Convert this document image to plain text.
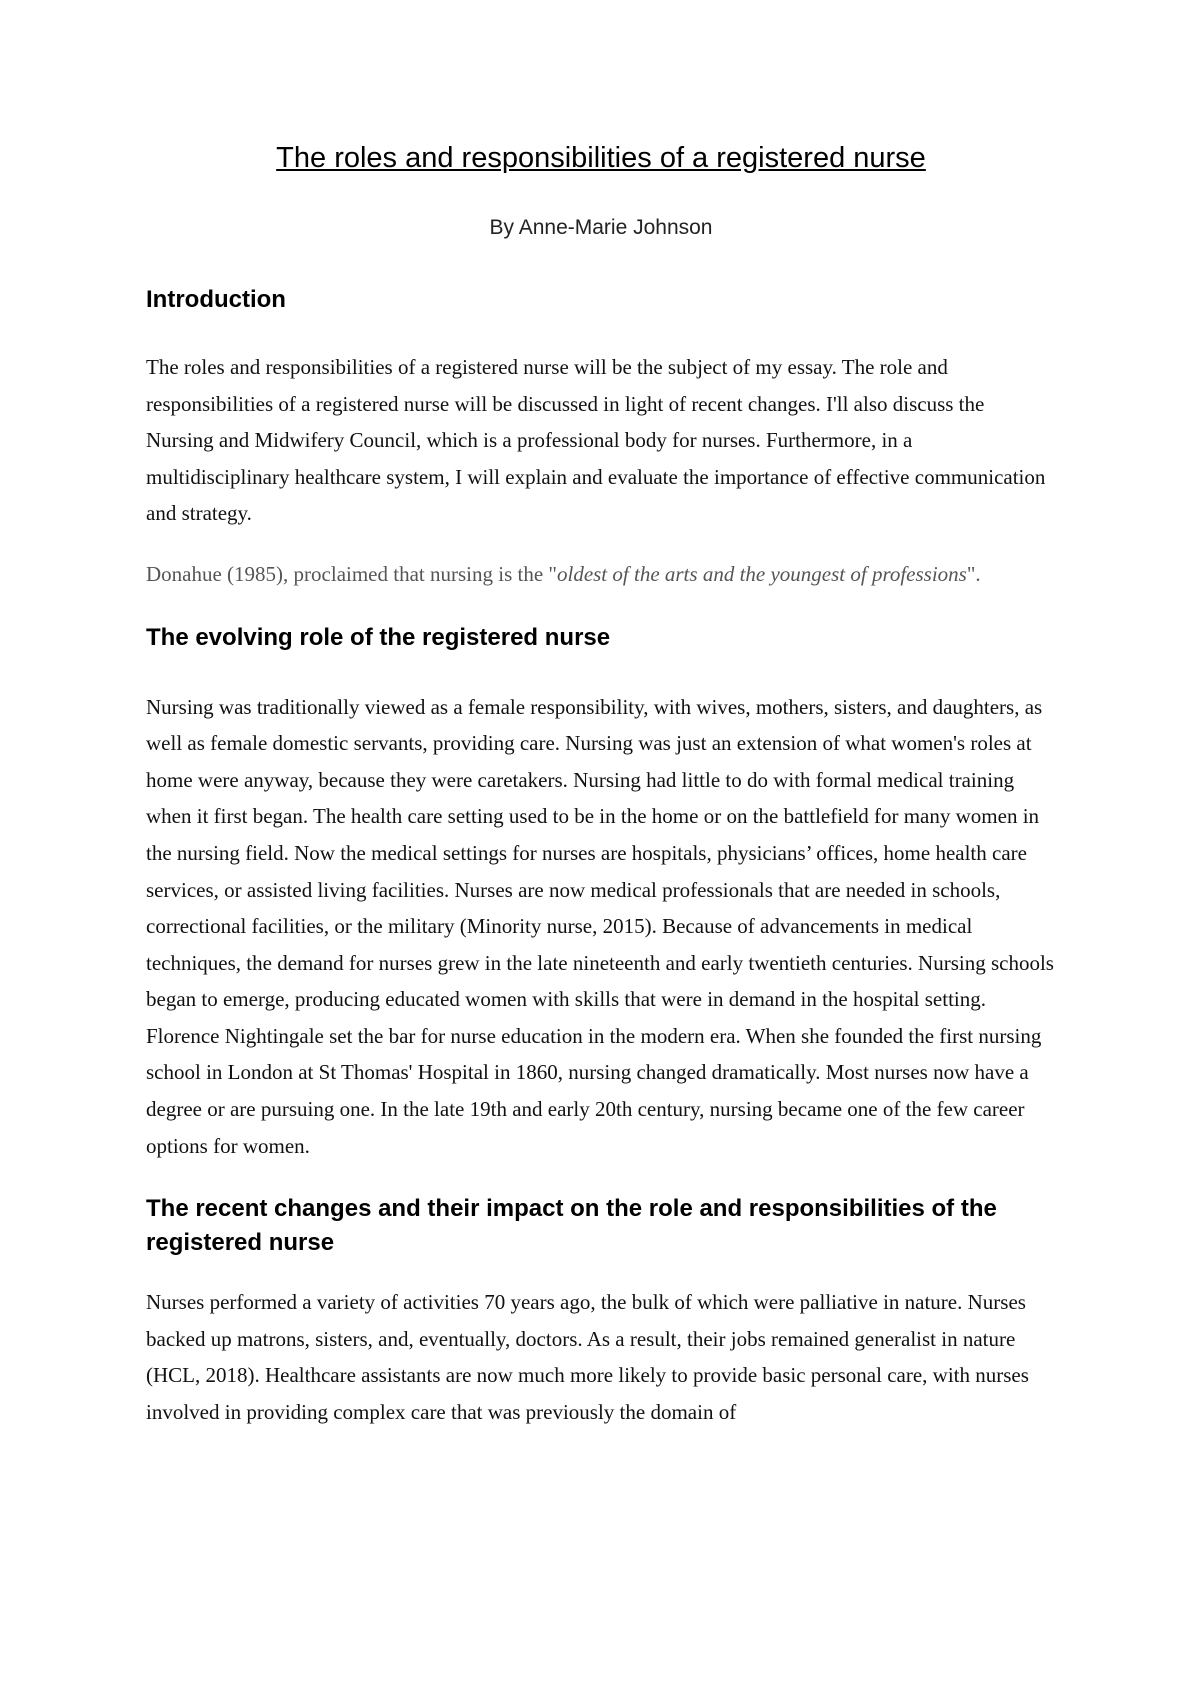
The roles and responsibilities of a registered nurse
By Anne-Marie Johnson
Introduction

The roles and responsibilities of a registered nurse will be the subject of my essay. The role and responsibilities of a registered nurse will be discussed in light of recent changes. I'll also discuss the Nursing and Midwifery Council, which is a professional body for nurses. Furthermore, in a multidisciplinary healthcare system, I will explain and evaluate the importance of effective communication and strategy.

Donahue (1985), proclaimed that nursing is the "oldest of the arts and the youngest of professions".

The evolving role of the registered nurse

Nursing was traditionally viewed as a female responsibility, with wives, mothers, sisters, and daughters, as well as female domestic servants, providing care. Nursing was just an extension of what women's roles at home were anyway, because they were caretakers. Nursing had little to do with formal medical training when it first began. The health care setting used to be in the home or on the battlefield for many women in the nursing field. Now the medical settings for nurses are hospitals, physicians’ offices, home health care services, or assisted living facilities. Nurses are now medical professionals that are needed in schools, correctional facilities, or the military (Minority nurse, 2015). Because of advancements in medical techniques, the demand for nurses grew in the late nineteenth and early twentieth centuries. Nursing schools began to emerge, producing educated women with skills that were in demand in the hospital setting. Florence Nightingale set the bar for nurse education in the modern era. When she founded the first nursing school in London at St Thomas' Hospital in 1860, nursing changed dramatically. Most nurses now have a degree or are pursuing one. In the late 19th and early 20th century, nursing became one of the few career options for women.

The recent changes and their impact on the role and responsibilities of the registered nurse

Nurses performed a variety of activities 70 years ago, the bulk of which were palliative in nature. Nurses backed up matrons, sisters, and, eventually, doctors. As a result, their jobs remained generalist in nature (HCL, 2018). Healthcare assistants are now much more likely to provide basic personal care, with nurses involved in providing complex care that was previously the domain of
